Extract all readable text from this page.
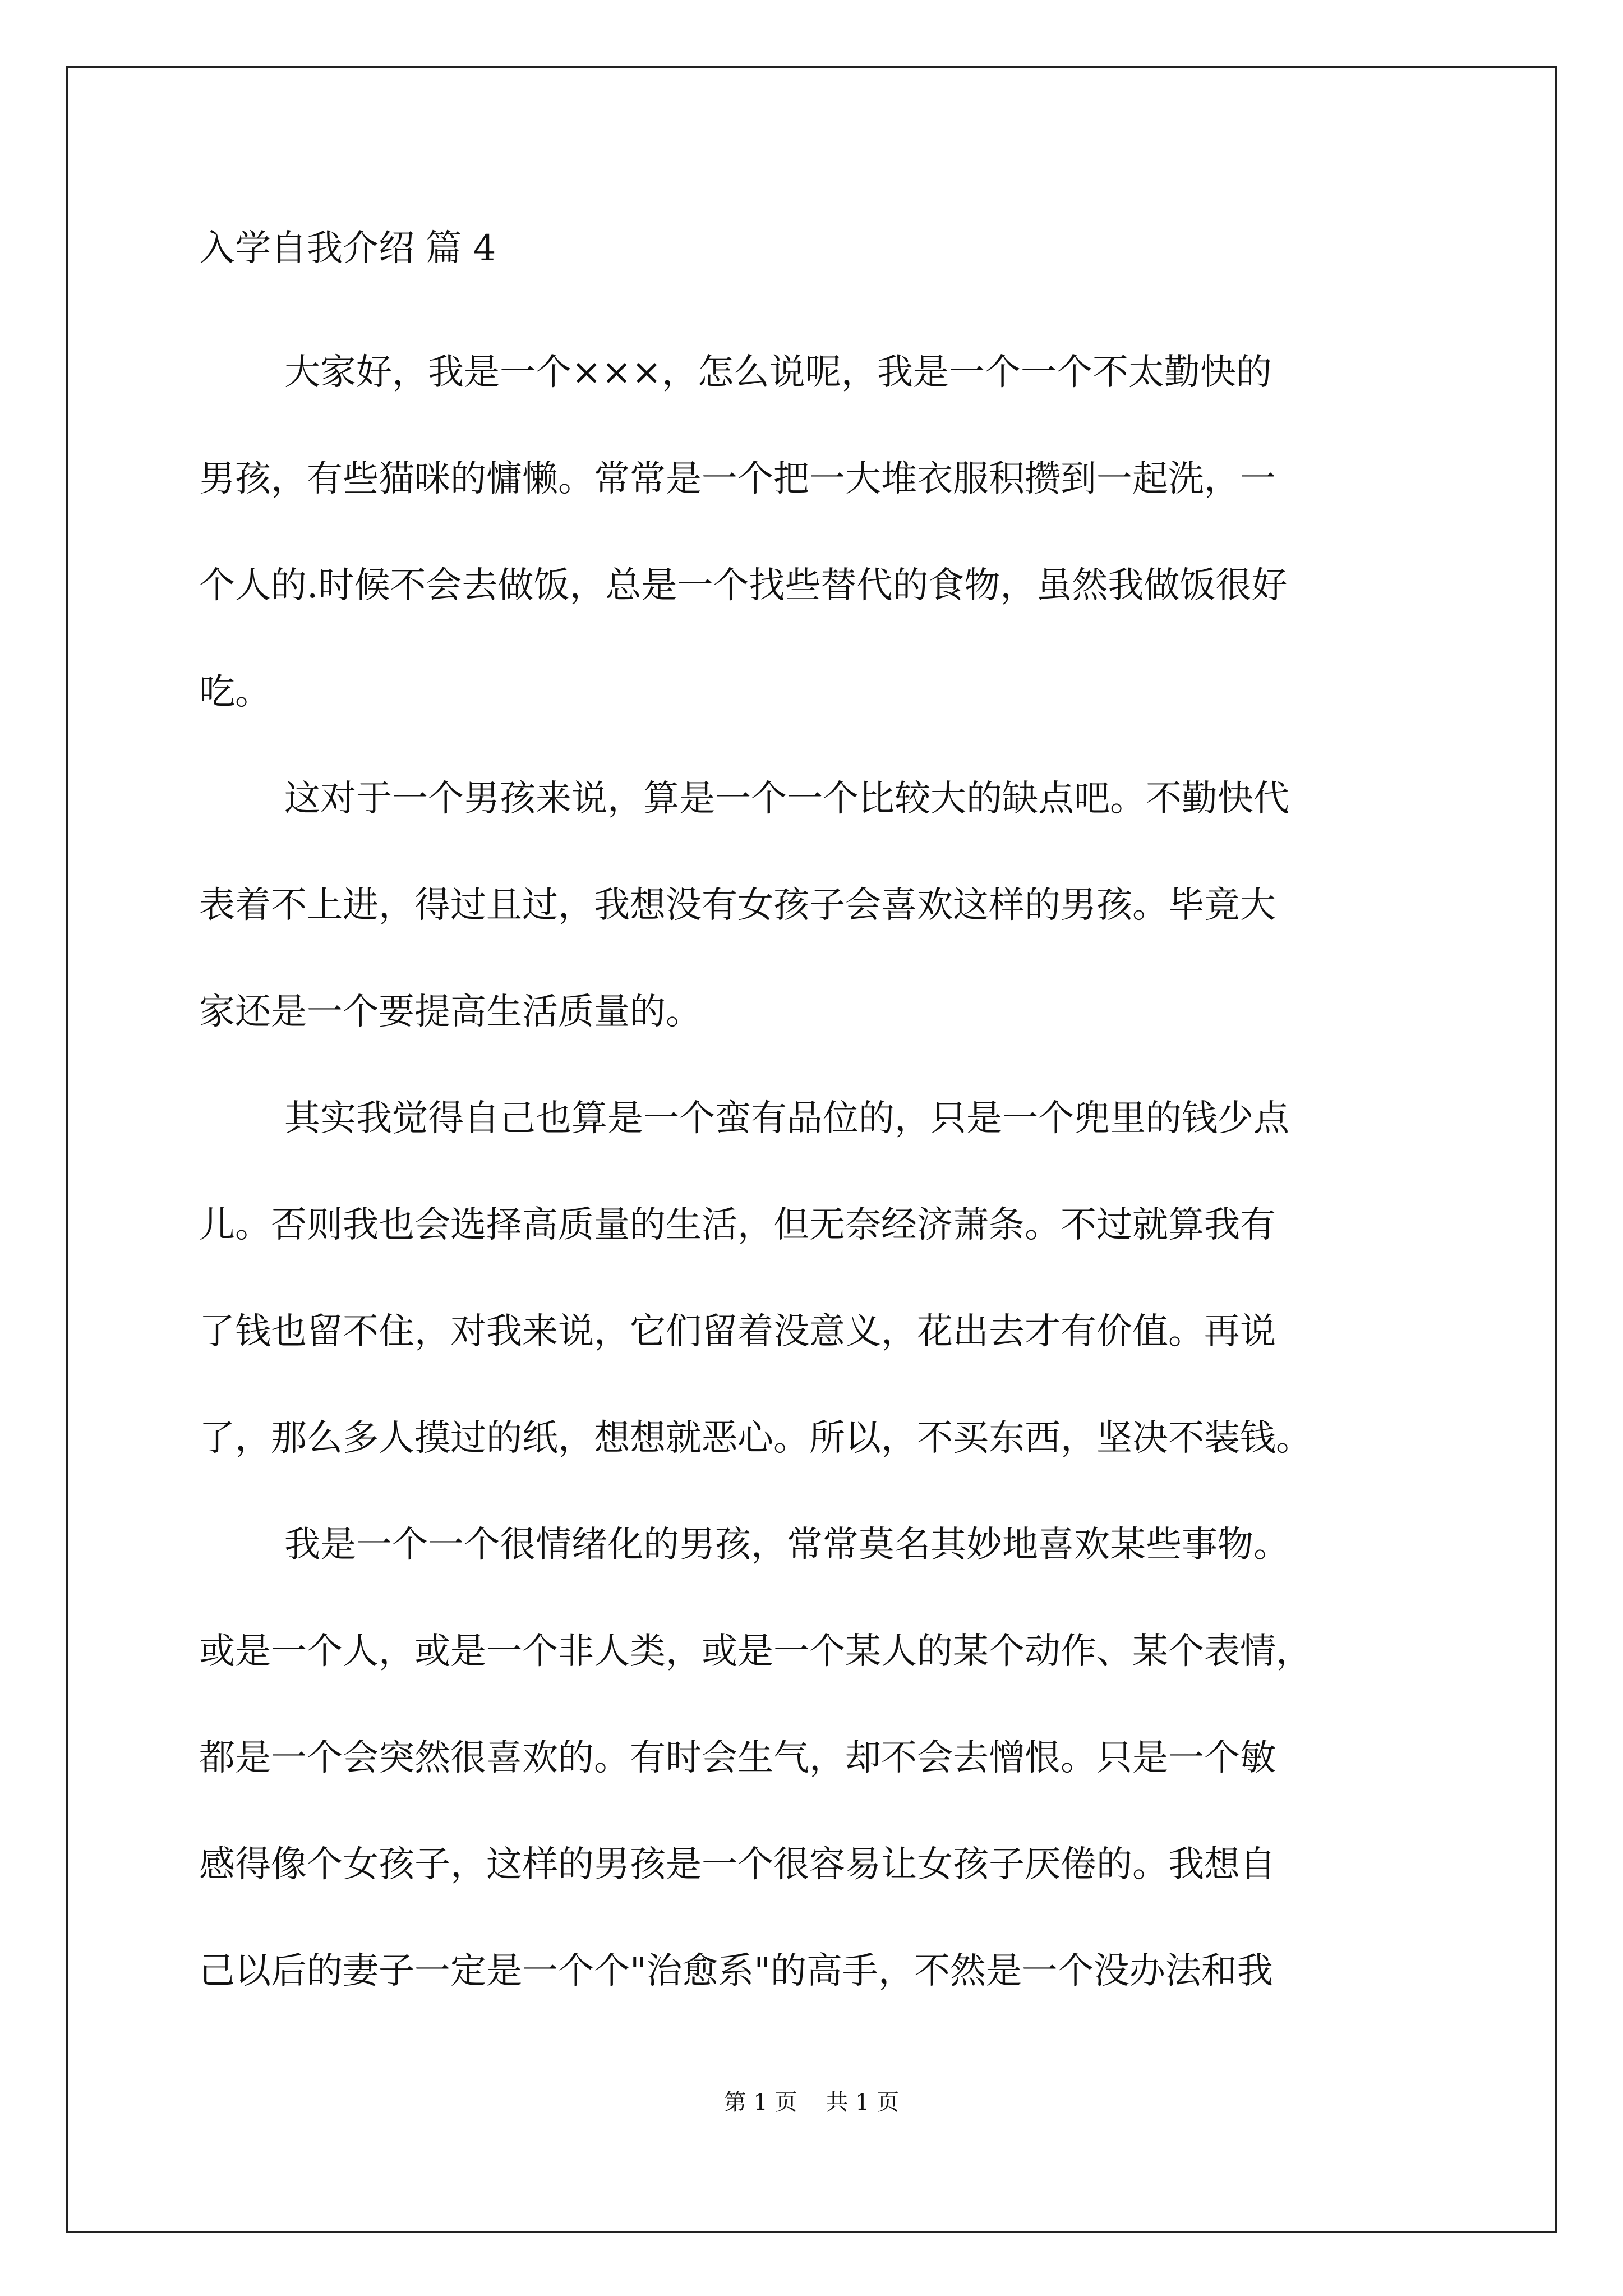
入学自我介绍 篇 4

大家好，我是一个×××，怎么说呢，我是一个一个不太勤快的
男孩，有些猫咪的慵懒。常常是一个把一大堆衣服积攒到一起洗，一
个人的.时候不会去做饭，总是一个找些替代的食物，虽然我做饭很好
吃。

这对于一个男孩来说，算是一个一个比较大的缺点吧。不勤快代
表着不上进，得过且过，我想没有女孩子会喜欢这样的男孩。毕竟大
家还是一个要提高生活质量的。

其实我觉得自己也算是一个蛮有品位的，只是一个兜里的钱少点
儿。否则我也会选择高质量的生活，但无奈经济萧条。不过就算我有
了钱也留不住，对我来说，它们留着没意义，花出去才有价值。再说
了，那么多人摸过的纸，想想就恶心。所以，不买东西，坚决不装钱。

我是一个一个很情绪化的男孩，常常莫名其妙地喜欢某些事物。
或是一个人，或是一个非人类，或是一个某人的某个动作、某个表情，
都是一个会突然很喜欢的。有时会生气，却不会去憎恨。只是一个敏
感得像个女孩子，这样的男孩是一个很容易让女孩子厌倦的。我想自
己以后的妻子一定是一个个"治愈系"的高手，不然是一个没办法和我

第 1 页    共 1 页
